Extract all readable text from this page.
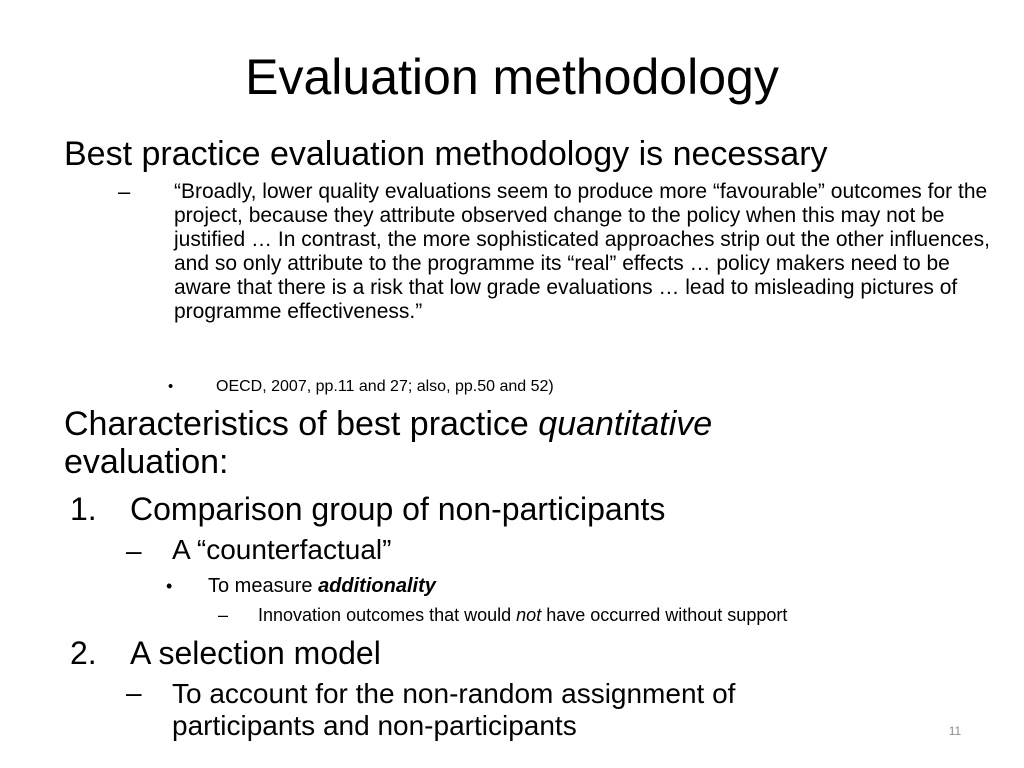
Evaluation methodology
Best practice evaluation methodology is necessary
– “Broadly, lower quality evaluations seem to produce more “favourable” outcomes for the project, because they attribute observed change to the policy when this may not be justified … In contrast, the more sophisticated approaches strip out the other influences, and so only attribute to the programme its “real” effects … policy makers need to be aware that there is a risk that low grade evaluations … lead to misleading pictures of programme effectiveness.”
•	OECD, 2007, pp.11 and 27; also, pp.50 and 52)
Characteristics of best practice quantitative
evaluation:
1. Comparison group of non-participants
– A “counterfactual”
• To measure additionality
– Innovation outcomes that would not have occurred without support
2. A selection model
– To account for the non-random assignment of participants and non-participants	11
